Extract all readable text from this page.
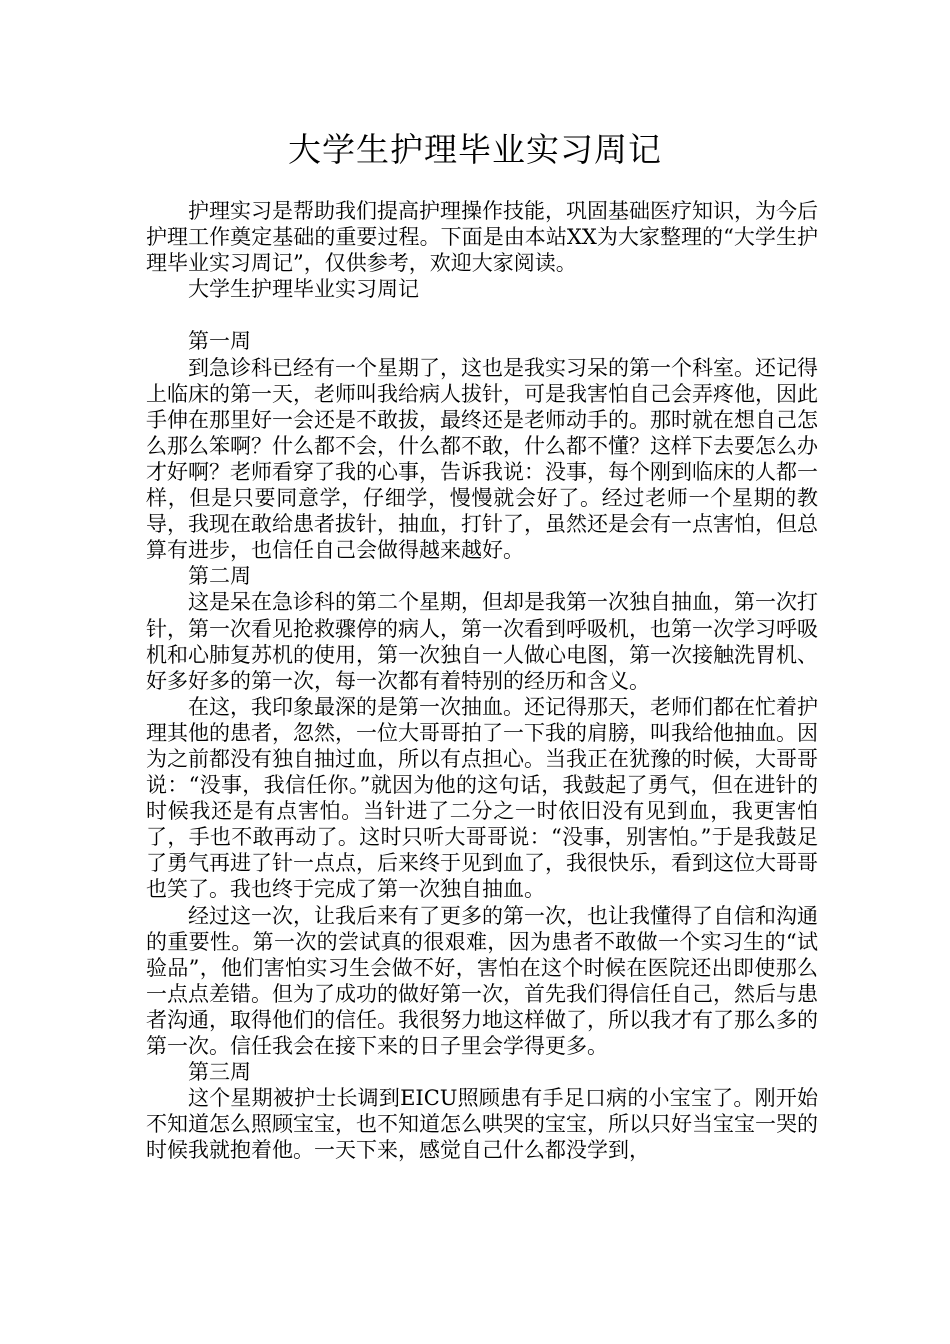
大学生护理毕业实习周记

护理实习是帮助我们提高护理操作技能，巩固基础医疗知识，为今后护理工作奠定基础的重要过程。下面是由本站XX为大家整理的“大学生护理毕业实习周记”，仅供参考，欢迎大家阅读。

大学生护理毕业实习周记

第一周

到急诊科已经有一个星期了，这也是我实习呆的第一个科室。还记得上临床的第一天，老师叫我给病人拔针，可是我害怕自己会弄疼他，因此手伸在那里好一会还是不敢拔，最终还是老师动手的。那时就在想自己怎么那么笨啊？什么都不会，什么都不敢，什么都不懂？这样下去要怎么办才好啊？老师看穿了我的心事，告诉我说：没事，每个刚到临床的人都一样，但是只要同意学，仔细学，慢慢就会好了。经过老师一个星期的教导，我现在敢给患者拔针，抽血，打针了，虽然还是会有一点害怕，但总算有进步，也信任自己会做得越来越好。

第二周

这是呆在急诊科的第二个星期，但却是我第一次独自抽血，第一次打针，第一次看见抢救骤停的病人，第一次看到呼吸机，也第一次学习呼吸机和心肺复苏机的使用，第一次独自一人做心电图，第一次接触洗胃机、好多好多的第一次，每一次都有着特别的经历和含义。

在这，我印象最深的是第一次抽血。还记得那天，老师们都在忙着护理其他的患者，忽然，一位大哥哥拍了一下我的肩膀，叫我给他抽血。因为之前都没有独自抽过血，所以有点担心。当我正在犹豫的时候，大哥哥说：“没事，我信任你。”就因为他的这句话，我鼓起了勇气，但在进针的时候我还是有点害怕。当针进了二分之一时依旧没有见到血，我更害怕了，手也不敢再动了。这时只听大哥哥说：“没事，别害怕。”于是我鼓足了勇气再进了针一点点，后来终于见到血了，我很快乐，看到这位大哥哥也笑了。我也终于完成了第一次独自抽血。

经过这一次，让我后来有了更多的第一次，也让我懂得了自信和沟通的重要性。第一次的尝试真的很艰难，因为患者不敢做一个实习生的“试验品”，他们害怕实习生会做不好，害怕在这个时候在医院还出即使那么一点点差错。但为了成功的做好第一次，首先我们得信任自己，然后与患者沟通，取得他们的信任。我很努力地这样做了，所以我才有了那么多的第一次。信任我会在接下来的日子里会学得更多。

第三周

这个星期被护士长调到EICU照顾患有手足口病的小宝宝了。刚开始不知道怎么照顾宝宝，也不知道怎么哄哭的宝宝，所以只好当宝宝一哭的时候我就抱着他。一天下来，感觉自己什么都没学到，
